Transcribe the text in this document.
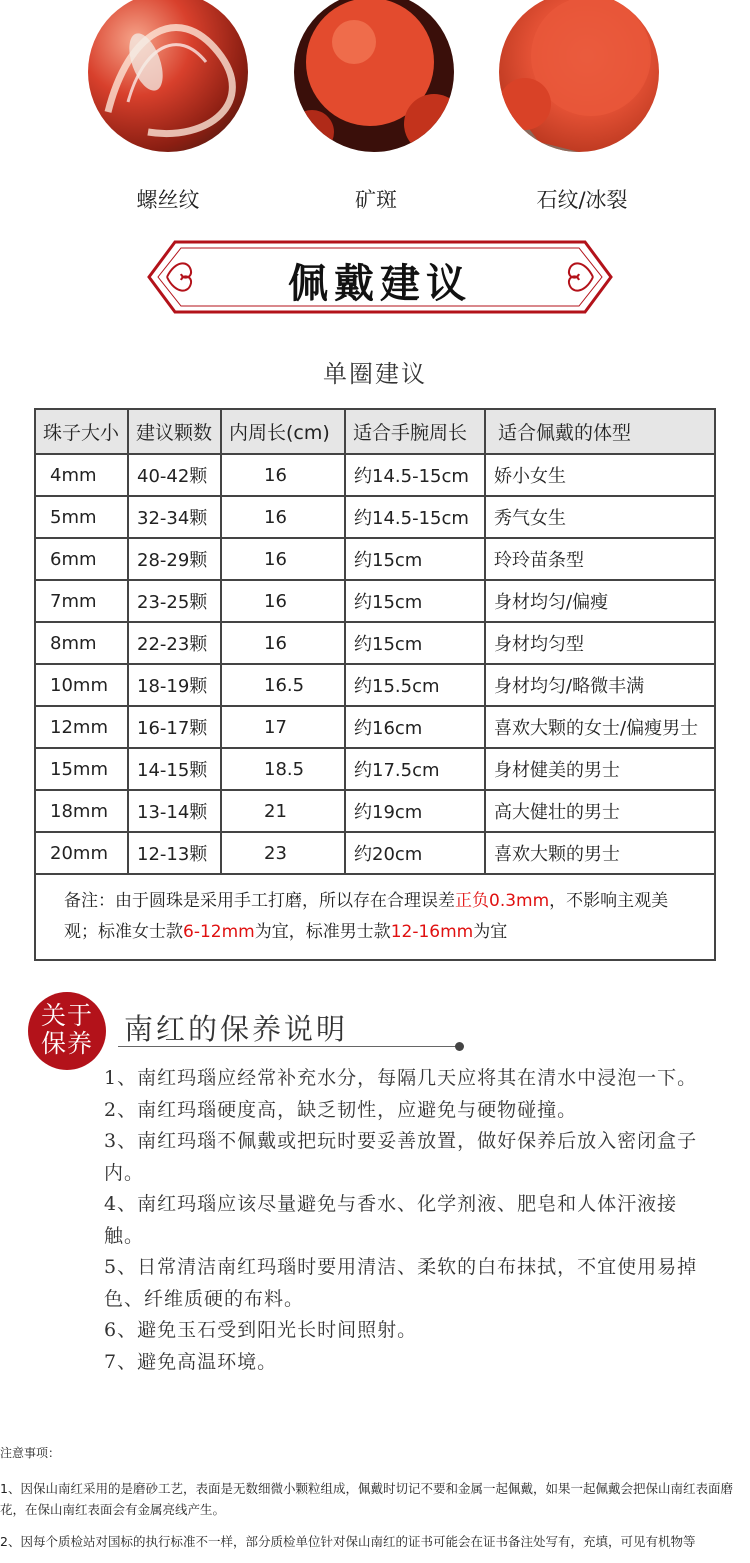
螺丝纹	矿斑	石纹/冰裂
佩戴建议
单圈建议
珠子大小	建议颗数	内周长(cm)	适合手腕周长	适合佩戴的体型
4mm	40-42颗	16	约14.5-15cm	娇小女生
5mm	32-34颗	16	约14.5-15cm	秀气女生
6mm	28-29颗	16	约15cm	玲玲苗条型
7mm	23-25颗	16	约15cm	身材均匀/偏瘦
8mm	22-23颗	16	约15cm	身材均匀型
10mm	18-19颗	16.5	约15.5cm	身材均匀/略微丰满
12mm	16-17颗	17	约16cm	喜欢大颗的女士/偏瘦男士
15mm	14-15颗	18.5	约17.5cm	身材健美的男士
18mm	13-14颗	21	约19cm	高大健壮的男士
20mm	12-13颗	23	约20cm	喜欢大颗的男士
备注：由于圆珠是采用手工打磨，所以存在合理误差正负0.3mm，不影响主观美观；标准女士款6-12mm为宜，标准男士款12-16mm为宜				
关于保养	南红的保养说明

1、南红玛瑙应经常补充水分，每隔几天应将其在清水中浸泡一下。

2、南红玛瑙硬度高，缺乏韧性，应避免与硬物碰撞。

3、南红玛瑙不佩戴或把玩时要妥善放置，做好保养后放入密闭盒子内。

4、南红玛瑙应该尽量避免与香水、化学剂液、肥皂和人体汗液接触。

5、日常清洁南红玛瑙时要用清洁、柔软的白布抹拭，不宜使用易掉色、纤维质硬的布料。

6、避免玉石受到阳光长时间照射。

7、避免高温环境。

注意事项：

1、因保山南红采用的是磨砂工艺，表面是无数细微小颗粒组成，佩戴时切记不要和金属一起佩戴，如果一起佩戴会把保山南红表面磨花，在保山南红表面会有金属亮线产生。

2、因每个质检站对国标的执行标准不一样，部分质检单位针对保山南红的证书可能会在证书备注处写有，充填，可见有机物等
